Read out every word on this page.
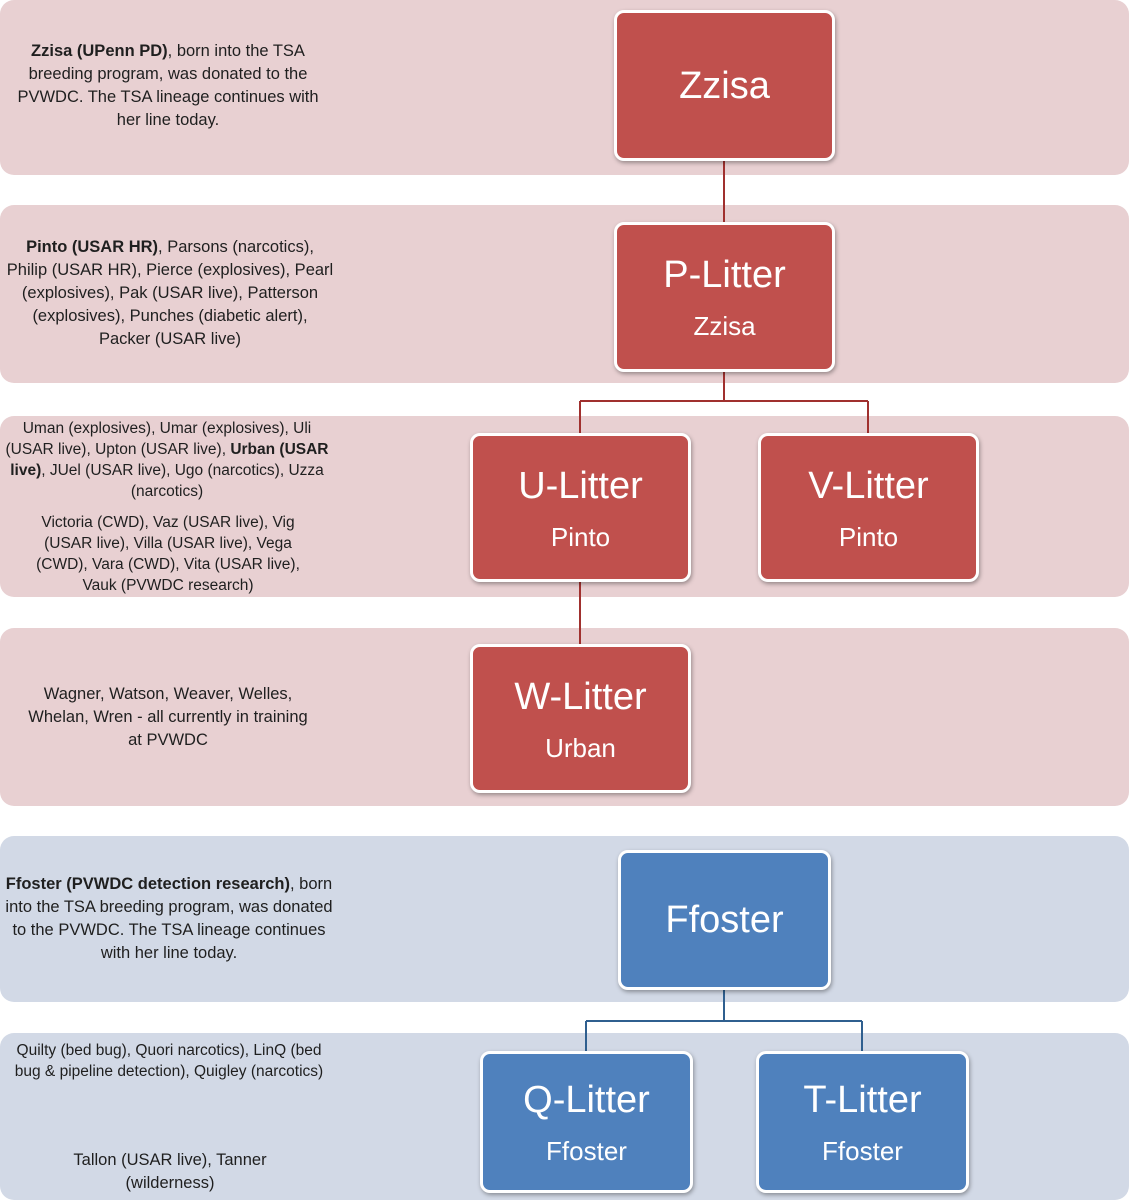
Zzisa (UPenn PD), born into the TSA breeding program, was donated to the PVWDC. The TSA lineage continues with her line today.
Pinto (USAR HR), Parsons (narcotics), Philip (USAR HR), Pierce (explosives), Pearl (explosives), Pak (USAR live), Patterson (explosives), Punches (diabetic alert), Packer (USAR live)
Uman (explosives), Umar (explosives), Uli (USAR live), Upton (USAR live), Urban (USAR live), JUel (USAR live), Ugo (narcotics), Uzza (narcotics)
Victoria (CWD), Vaz (USAR live), Vig (USAR live), Villa (USAR live), Vega (CWD), Vara (CWD), Vita (USAR live), Vauk (PVWDC research)
Wagner, Watson, Weaver, Welles, Whelan, Wren - all currently in training at PVWDC
Ffoster (PVWDC detection research), born into the TSA breeding program, was donated to the PVWDC. The TSA lineage continues with her line today.
Quilty (bed bug), Quori narcotics), LinQ (bed bug & pipeline detection), Quigley (narcotics)
Tallon (USAR live), Tanner (wilderness)
Zzisa
P-Litter
Zzisa
U-Litter
Pinto
V-Litter
Pinto
W-Litter
Urban
Ffoster
Q-Litter
Ffoster
T-Litter
Ffoster
